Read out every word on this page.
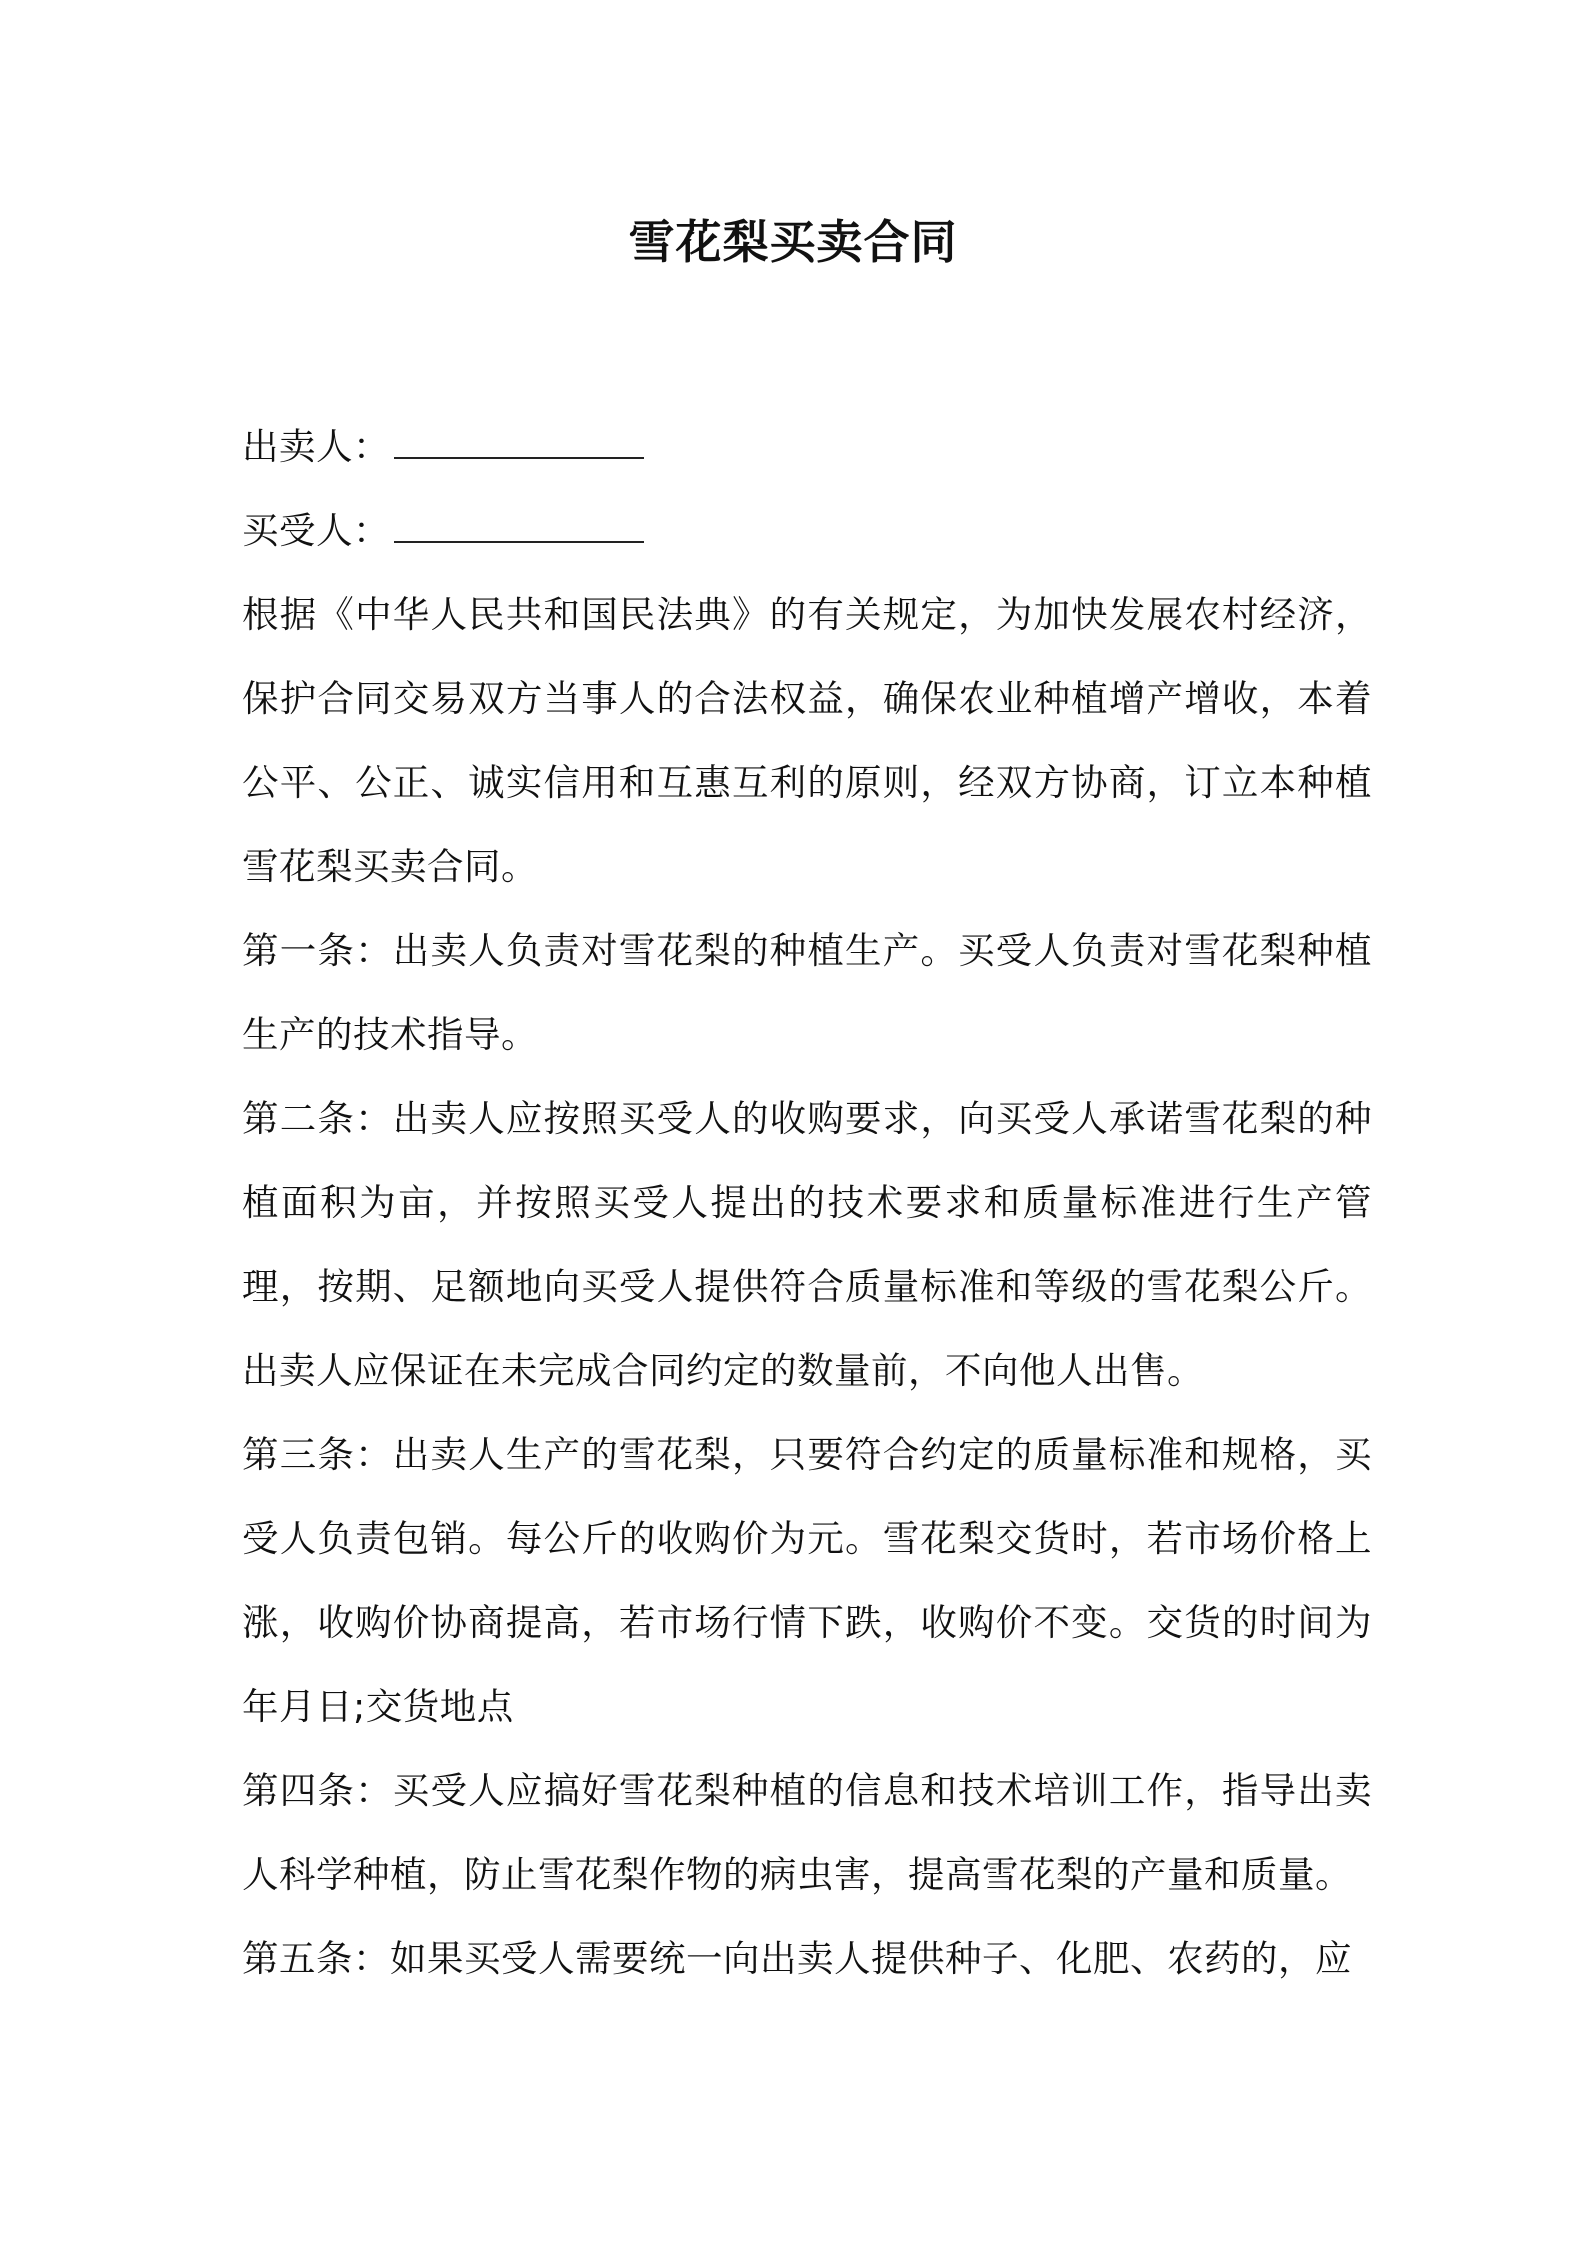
雪花梨买卖合同
出卖人：
买受人：

根据《中华人民共和国民法典》的有关规定，为加快发展农村经济，保护合同交易双方当事人的合法权益，确保农业种植增产增收，本着公平、公正、诚实信用和互惠互利的原则，经双方协商，订立本种植雪花梨买卖合同。

第一条：出卖人负责对雪花梨的种植生产。买受人负责对雪花梨种植生产的技术指导。

第二条：出卖人应按照买受人的收购要求，向买受人承诺雪花梨的种植面积为亩，并按照买受人提出的技术要求和质量标准进行生产管理，按期、足额地向买受人提供符合质量标准和等级的雪花梨公斤。出卖人应保证在未完成合同约定的数量前，不向他人出售。

第三条：出卖人生产的雪花梨，只要符合约定的质量标准和规格，买受人负责包销。每公斤的收购价为元。雪花梨交货时，若市场价格上涨，收购价协商提高，若市场行情下跌，收购价不变。交货的时间为年月日;交货地点

第四条：买受人应搞好雪花梨种植的信息和技术培训工作，指导出卖人科学种植，防止雪花梨作物的病虫害，提高雪花梨的产量和质量。

第五条：如果买受人需要统一向出卖人提供种子、化肥、农药的，应
